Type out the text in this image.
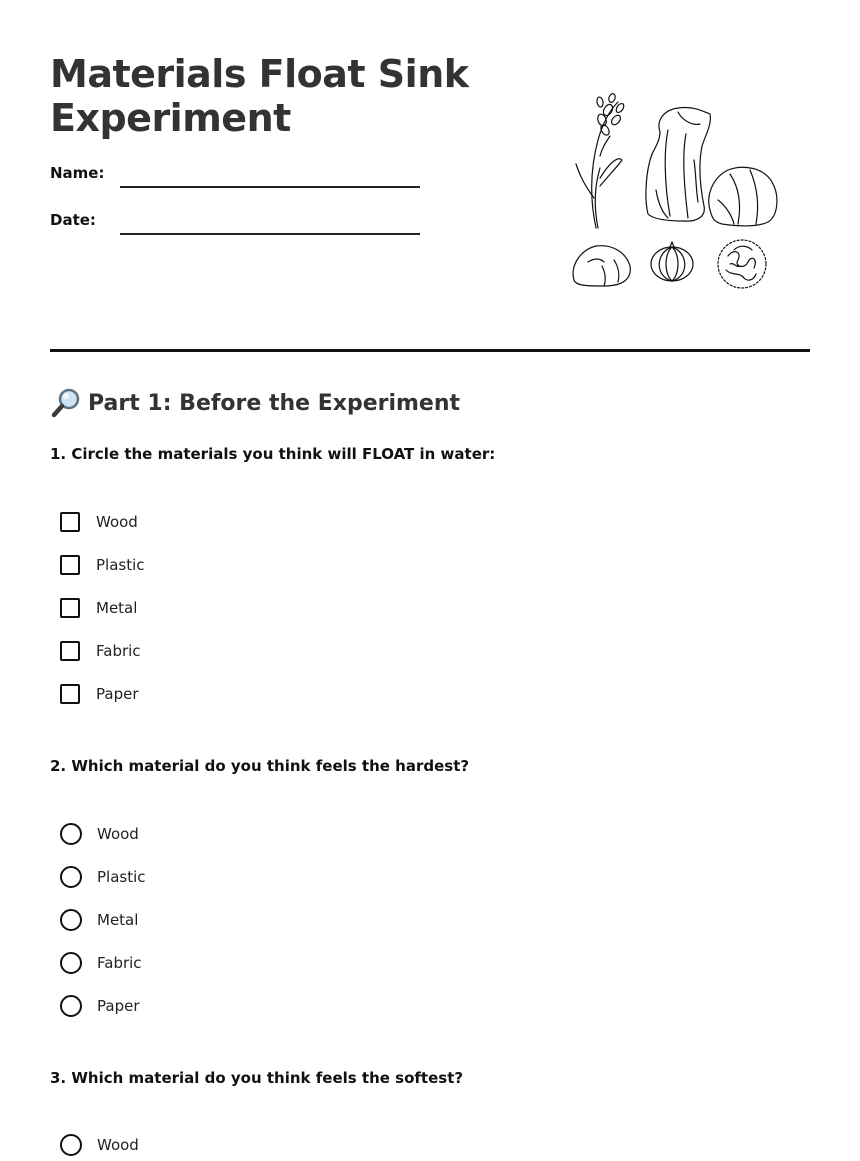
Materials Float Sink Experiment
Name:
Date:
Part 1: Before the Experiment
1. Circle the materials you think will FLOAT in water:
Wood
Plastic
Metal
Fabric
Paper
2. Which material do you think feels the hardest?
Wood
Plastic
Metal
Fabric
Paper
3. Which material do you think feels the softest?
Wood
